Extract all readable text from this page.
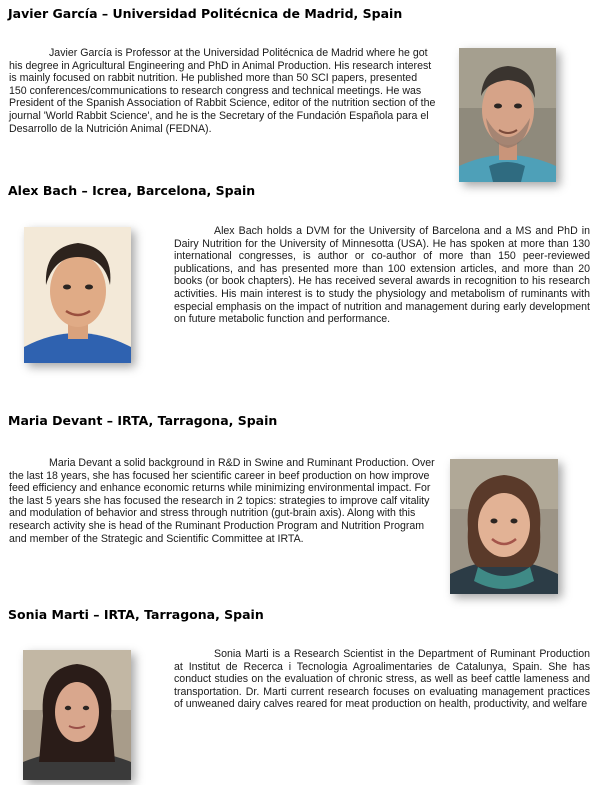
Javier García – Universidad Politécnica de Madrid, Spain

Javier García is Professor at the Universidad Politécnica de Madrid where he got his degree in Agricultural Engineering and PhD in Animal Production. His research interest is mainly focused on rabbit nutrition. He published more than 50 SCI papers, presented 150 conferences/communications to research congress and technical meetings. He was President of the Spanish Association of Rabbit Science, editor of the nutrition section of the journal 'World Rabbit Science', and he is the Secretary of the Fundación Española para el Desarrollo de la Nutrición Animal (FEDNA).

Alex Bach – Icrea, Barcelona, Spain

Alex Bach holds a DVM for the University of Barcelona and a MS and PhD in Dairy Nutrition for the University of Minnesotta (USA). He has spoken at more than 130 international congresses, is author or co-author of more than 150 peer-reviewed publications, and has presented more than 100 extension articles, and more than 20 books (or book chapters). He has received several awards in recognition to his research activities. His main interest is to study the physiology and metabolism of ruminants with especial emphasis on the impact of nutrition and management during early development on future metabolic function and performance.

Maria Devant – IRTA, Tarragona, Spain

Maria Devant a solid background in R&D in Swine and Ruminant Production. Over the last 18 years, she has focused her scientific career in beef production on how improve feed efficiency and enhance economic returns while minimizing environmental impact. For the last 5 years she has focused the research in 2 topics: strategies to improve calf vitality and modulation of behavior and stress through nutrition (gut-brain axis). Along with this research activity she is head of the Ruminant Production Program and Nutrition Program and member of the Strategic and Scientific Committee at IRTA.

Sonia Marti – IRTA, Tarragona, Spain

Sonia Marti is a Research Scientist in the Department of Ruminant Production at Institut de Recerca i Tecnologia Agroalimentaries de Catalunya, Spain. She has conduct studies on the evaluation of chronic stress, as well as beef cattle lameness and transportation. Dr. Marti current research focuses on evaluating management practices of unweaned dairy calves reared for meat production on health, productivity, and welfare
